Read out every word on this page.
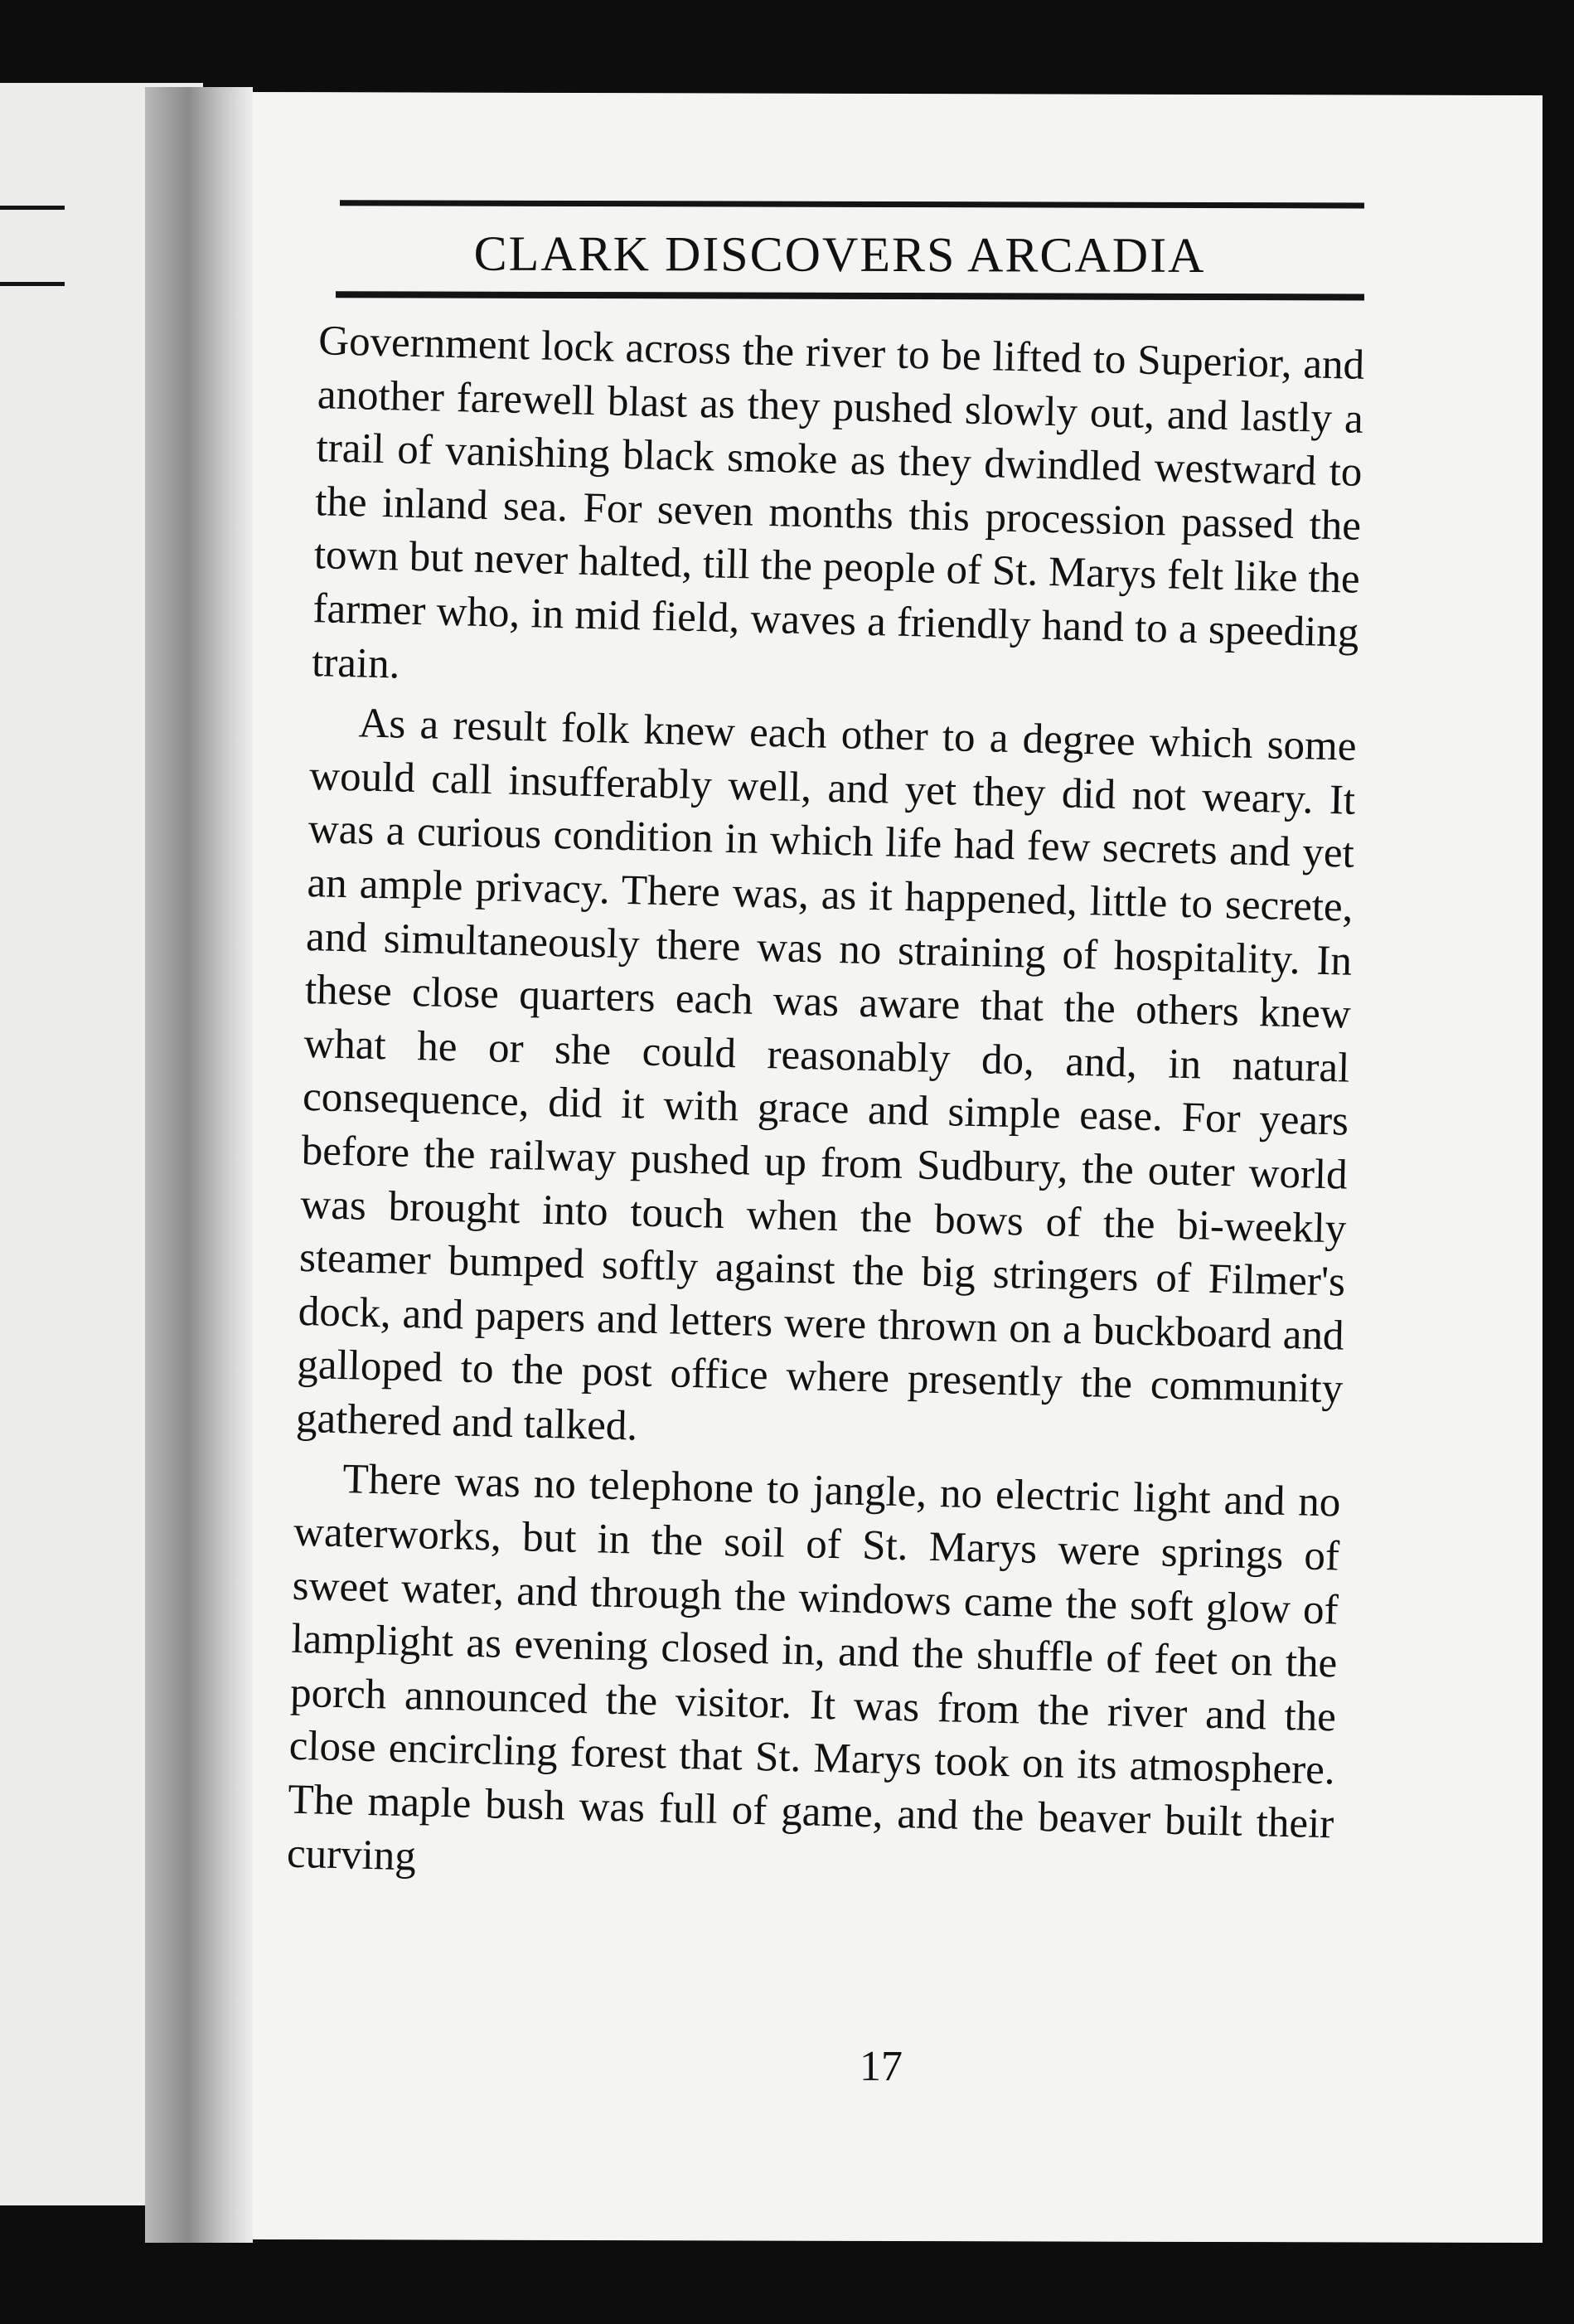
CLARK DISCOVERS ARCADIA

Government lock across the river to be lifted to Superior, and another farewell blast as they pushed slowly out, and lastly a trail of vanishing black smoke as they dwindled westward to the inland sea. For seven months this procession passed the town but never halted, till the people of St. Marys felt like the farmer who, in mid field, waves a friendly hand to a speeding train.

As a result folk knew each other to a degree which some would call insufferably well, and yet they did not weary. It was a curious condition in which life had few secrets and yet an ample privacy. There was, as it happened, little to secrete, and simultaneously there was no straining of hospitality. In these close quarters each was aware that the others knew what he or she could reasonably do, and, in natural consequence, did it with grace and simple ease. For years before the railway pushed up from Sudbury, the outer world was brought into touch when the bows of the bi-weekly steamer bumped softly against the big stringers of Filmer's dock, and papers and letters were thrown on a buckboard and galloped to the post office where presently the community gathered and talked.

There was no telephone to jangle, no electric light and no waterworks, but in the soil of St. Marys were springs of sweet water, and through the windows came the soft glow of lamplight as evening closed in, and the shuffle of feet on the porch announced the visitor. It was from the river and the close encircling forest that St. Marys took on its atmosphere. The maple bush was full of game, and the beaver built their curving

17
